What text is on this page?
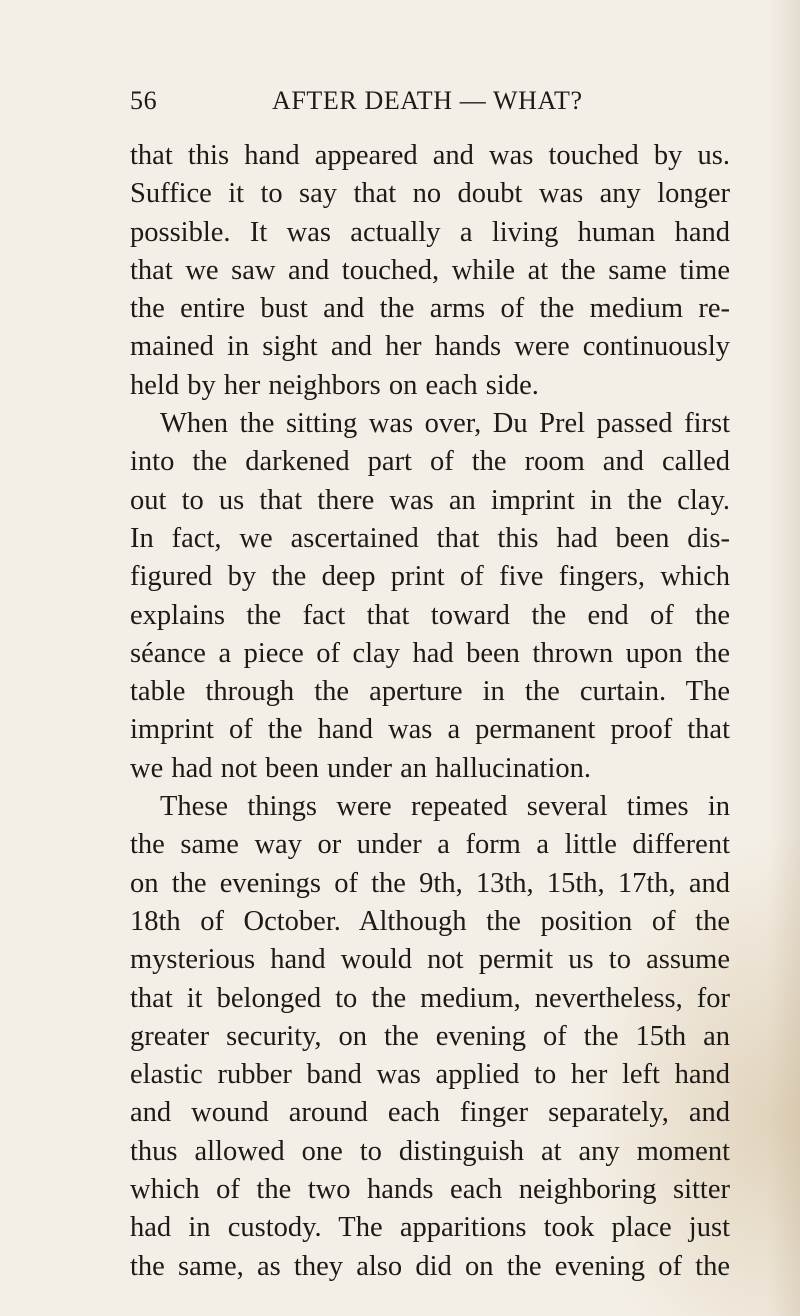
56	AFTER DEATH — WHAT?
that this hand appeared and was touched by us.
Suffice it to say that no doubt was any longer
possible. It was actually a living human hand
that we saw and touched, while at the same time
the entire bust and the arms of the medium re-
mained in sight and her hands were continuously
held by her neighbors on each side.
When the sitting was over, Du Prel passed first
into the darkened part of the room and called
out to us that there was an imprint in the clay.
In fact, we ascertained that this had been dis-
figured by the deep print of five fingers, which
explains the fact that toward the end of the
séance a piece of clay had been thrown upon the
table through the aperture in the curtain. The
imprint of the hand was a permanent proof that
we had not been under an hallucination.
These things were repeated several times in
the same way or under a form a little different
on the evenings of the 9th, 13th, 15th, 17th, and
18th of October. Although the position of the
mysterious hand would not permit us to assume
that it belonged to the medium, nevertheless, for
greater security, on the evening of the 15th an
elastic rubber band was applied to her left hand
and wound around each finger separately, and
thus allowed one to distinguish at any moment
which of the two hands each neighboring sitter
had in custody. The apparitions took place just
the same, as they also did on the evening of the
